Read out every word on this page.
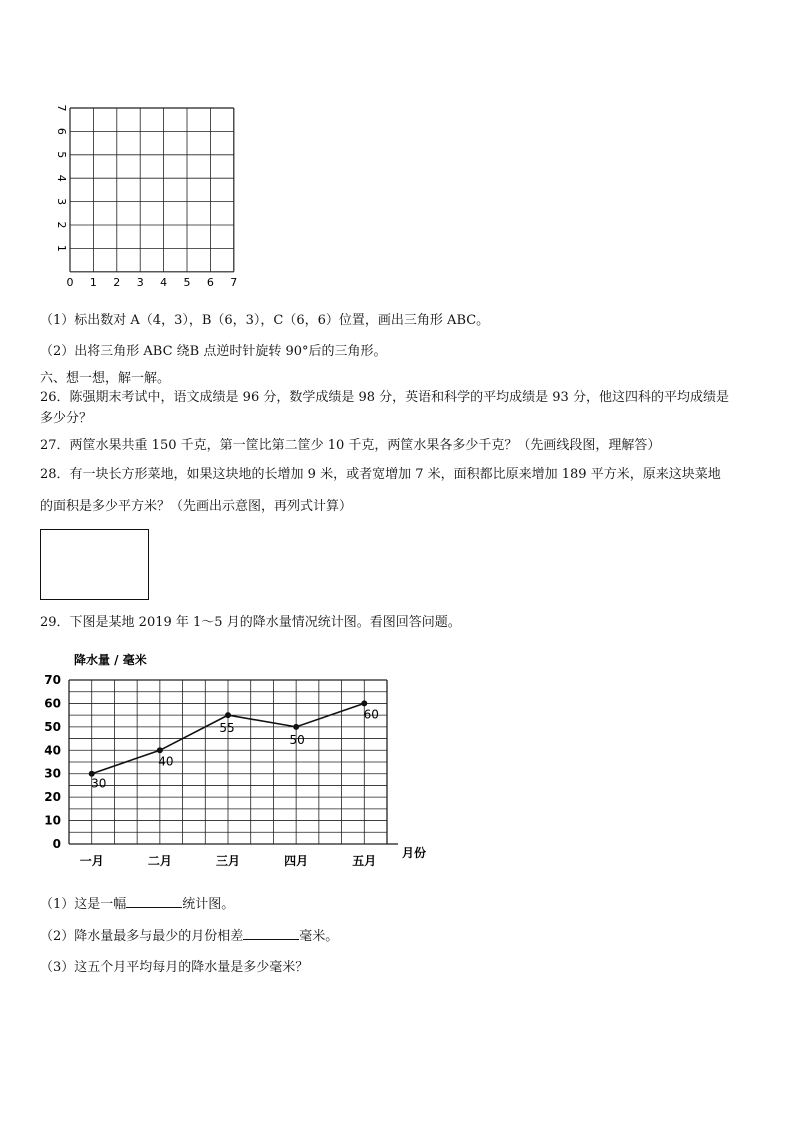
0 1 2 3 4 5 6 7
1
2
3
4
5
6
7
（1）标出数对 A（4，3），B（6，3），C（6，6）位置，画出三角形 ABC。
（2）出将三角形 ABC 绕B 点逆时针旋转 90°后的三角形。
六、想一想，解一解。
26．陈强期末考试中，语文成绩是 96 分，数学成绩是 98 分，英语和科学的平均成绩是 93 分，他这四科的平均成绩是
多少分？
27．两筐水果共重 150 千克，第一筐比第二筐少 10 千克，两筐水果各多少千克？（先画线段图，理解答）
28．有一块长方形菜地，如果这块地的长增加 9 米，或者宽增加 7 米，面积都比原来增加 189 平方米，原来这块菜地
的面积是多少平方米？（先画出示意图，再列式计算）
29．下图是某地 2019 年 1～5 月的降水量情况统计图。看图回答问题。
降水量 / 毫米
0
10
20
30
40
50
60
70
一月	二月	三月	四月	五月
30
40
55
50
60
月份
（1）这是一幅	统计图。
（2）降水量最多与最少的月份相差	毫米。
（3）这五个月平均每月的降水量是多少毫米？
